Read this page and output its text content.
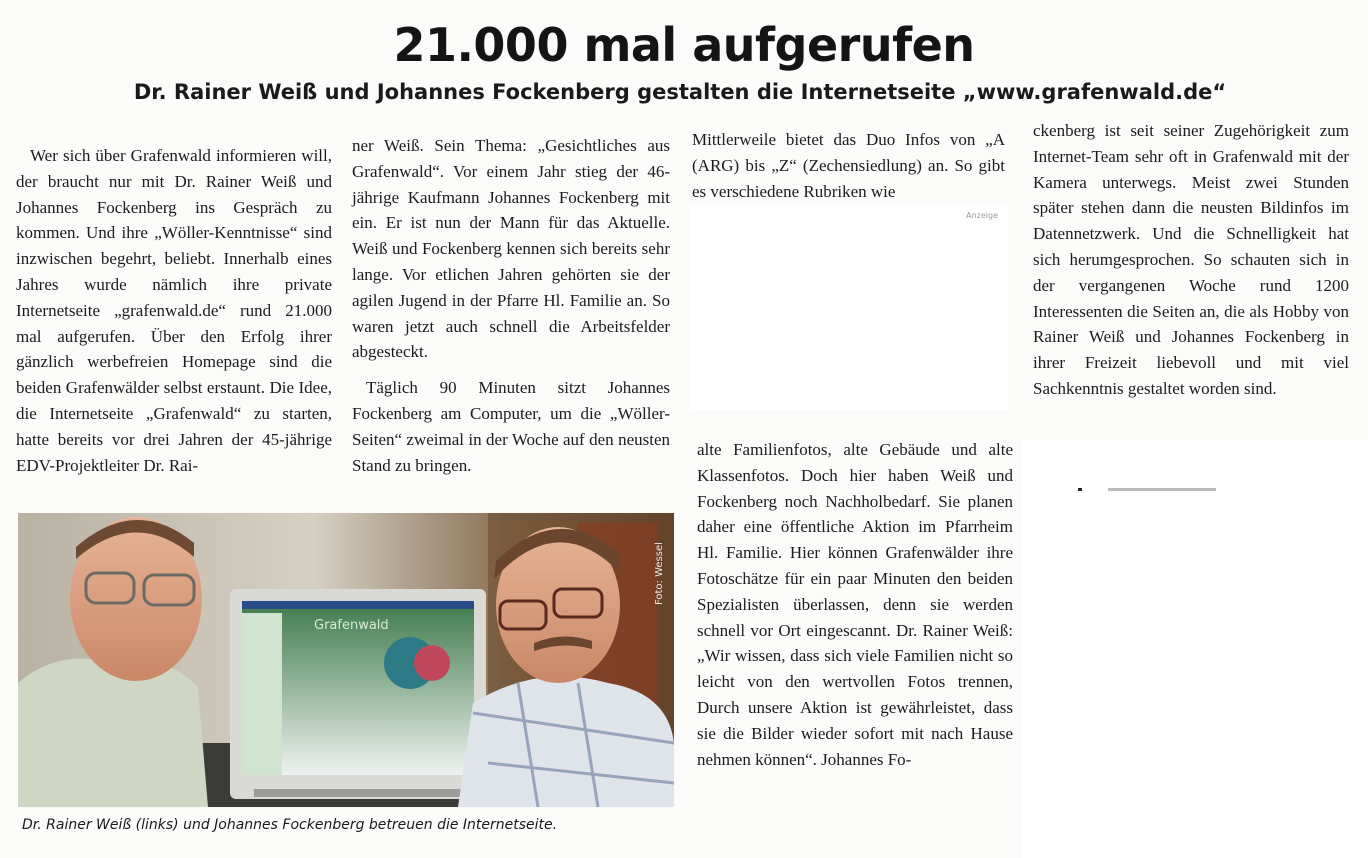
21.000 mal aufgerufen
Dr. Rainer Weiß und Johannes Fockenberg gestalten die Internetseite „www.grafenwald.de“

Wer sich über Grafenwald informieren will, der braucht nur mit Dr. Rainer Weiß und Johannes Fockenberg ins Gespräch zu kommen. Und ihre „Wöller-Kenntnisse“ sind inzwischen begehrt, beliebt. Innerhalb eines Jahres wurde nämlich ihre private Internetseite „grafenwald.de“ rund 21.000 mal aufgerufen. Über den Erfolg ihrer gänzlich werbefreien Homepage sind die beiden Grafenwälder selbst erstaunt. Die Idee, die Internetseite „Grafenwald“ zu starten, hatte bereits vor drei Jahren der 45-jährige EDV-Projektleiter Dr. Rai-

ner Weiß. Sein Thema: „Gesichtliches aus Grafenwald“. Vor einem Jahr stieg der 46-jährige Kaufmann Johannes Fockenberg mit ein. Er ist nun der Mann für das Aktuelle. Weiß und Fockenberg kennen sich bereits sehr lange. Vor etlichen Jahren gehörten sie der agilen Jugend in der Pfarre Hl. Familie an. So waren jetzt auch schnell die Arbeitsfelder abgesteckt.

Täglich 90 Minuten sitzt Johannes Fockenberg am Computer, um die „Wöller-Seiten“ zweimal in der Woche auf den neusten Stand zu bringen.

Mittlerweile bietet das Duo Infos von „A (ARG) bis „Z“ (Zechensiedlung) an. So gibt es verschiedene Rubriken wie

Anzeige

alte Familienfotos, alte Gebäude und alte Klassenfotos. Doch hier haben Weiß und Fockenberg noch Nachholbedarf. Sie planen daher eine öffentliche Aktion im Pfarrheim Hl. Familie. Hier können Grafenwälder ihre Fotoschätze für ein paar Minuten den beiden Spezialisten überlassen, denn sie werden schnell vor Ort eingescannt. Dr. Rainer Weiß: „Wir wissen, dass sich viele Familien nicht so leicht von den wertvollen Fotos trennen, Durch unsere Aktion ist gewährleistet, dass sie die Bilder wieder sofort mit nach Hause nehmen können“. Johannes Fo-

ckenberg ist seit seiner Zugehörigkeit zum Internet-Team sehr oft in Grafenwald mit der Kamera unterwegs. Meist zwei Stunden später stehen dann die neusten Bildinfos im Datennetzwerk. Und die Schnelligkeit hat sich herumgesprochen. So schauten sich in der vergangenen Woche rund 1200 Interessenten die Seiten an, die als Hobby von Rainer Weiß und Johannes Fockenberg in ihrer Freizeit liebevoll und mit viel Sachkenntnis gestaltet worden sind.

Grafenwald
Foto: Wessel
Dr. Rainer Weiß (links) und Johannes Fockenberg betreuen die Internetseite.
